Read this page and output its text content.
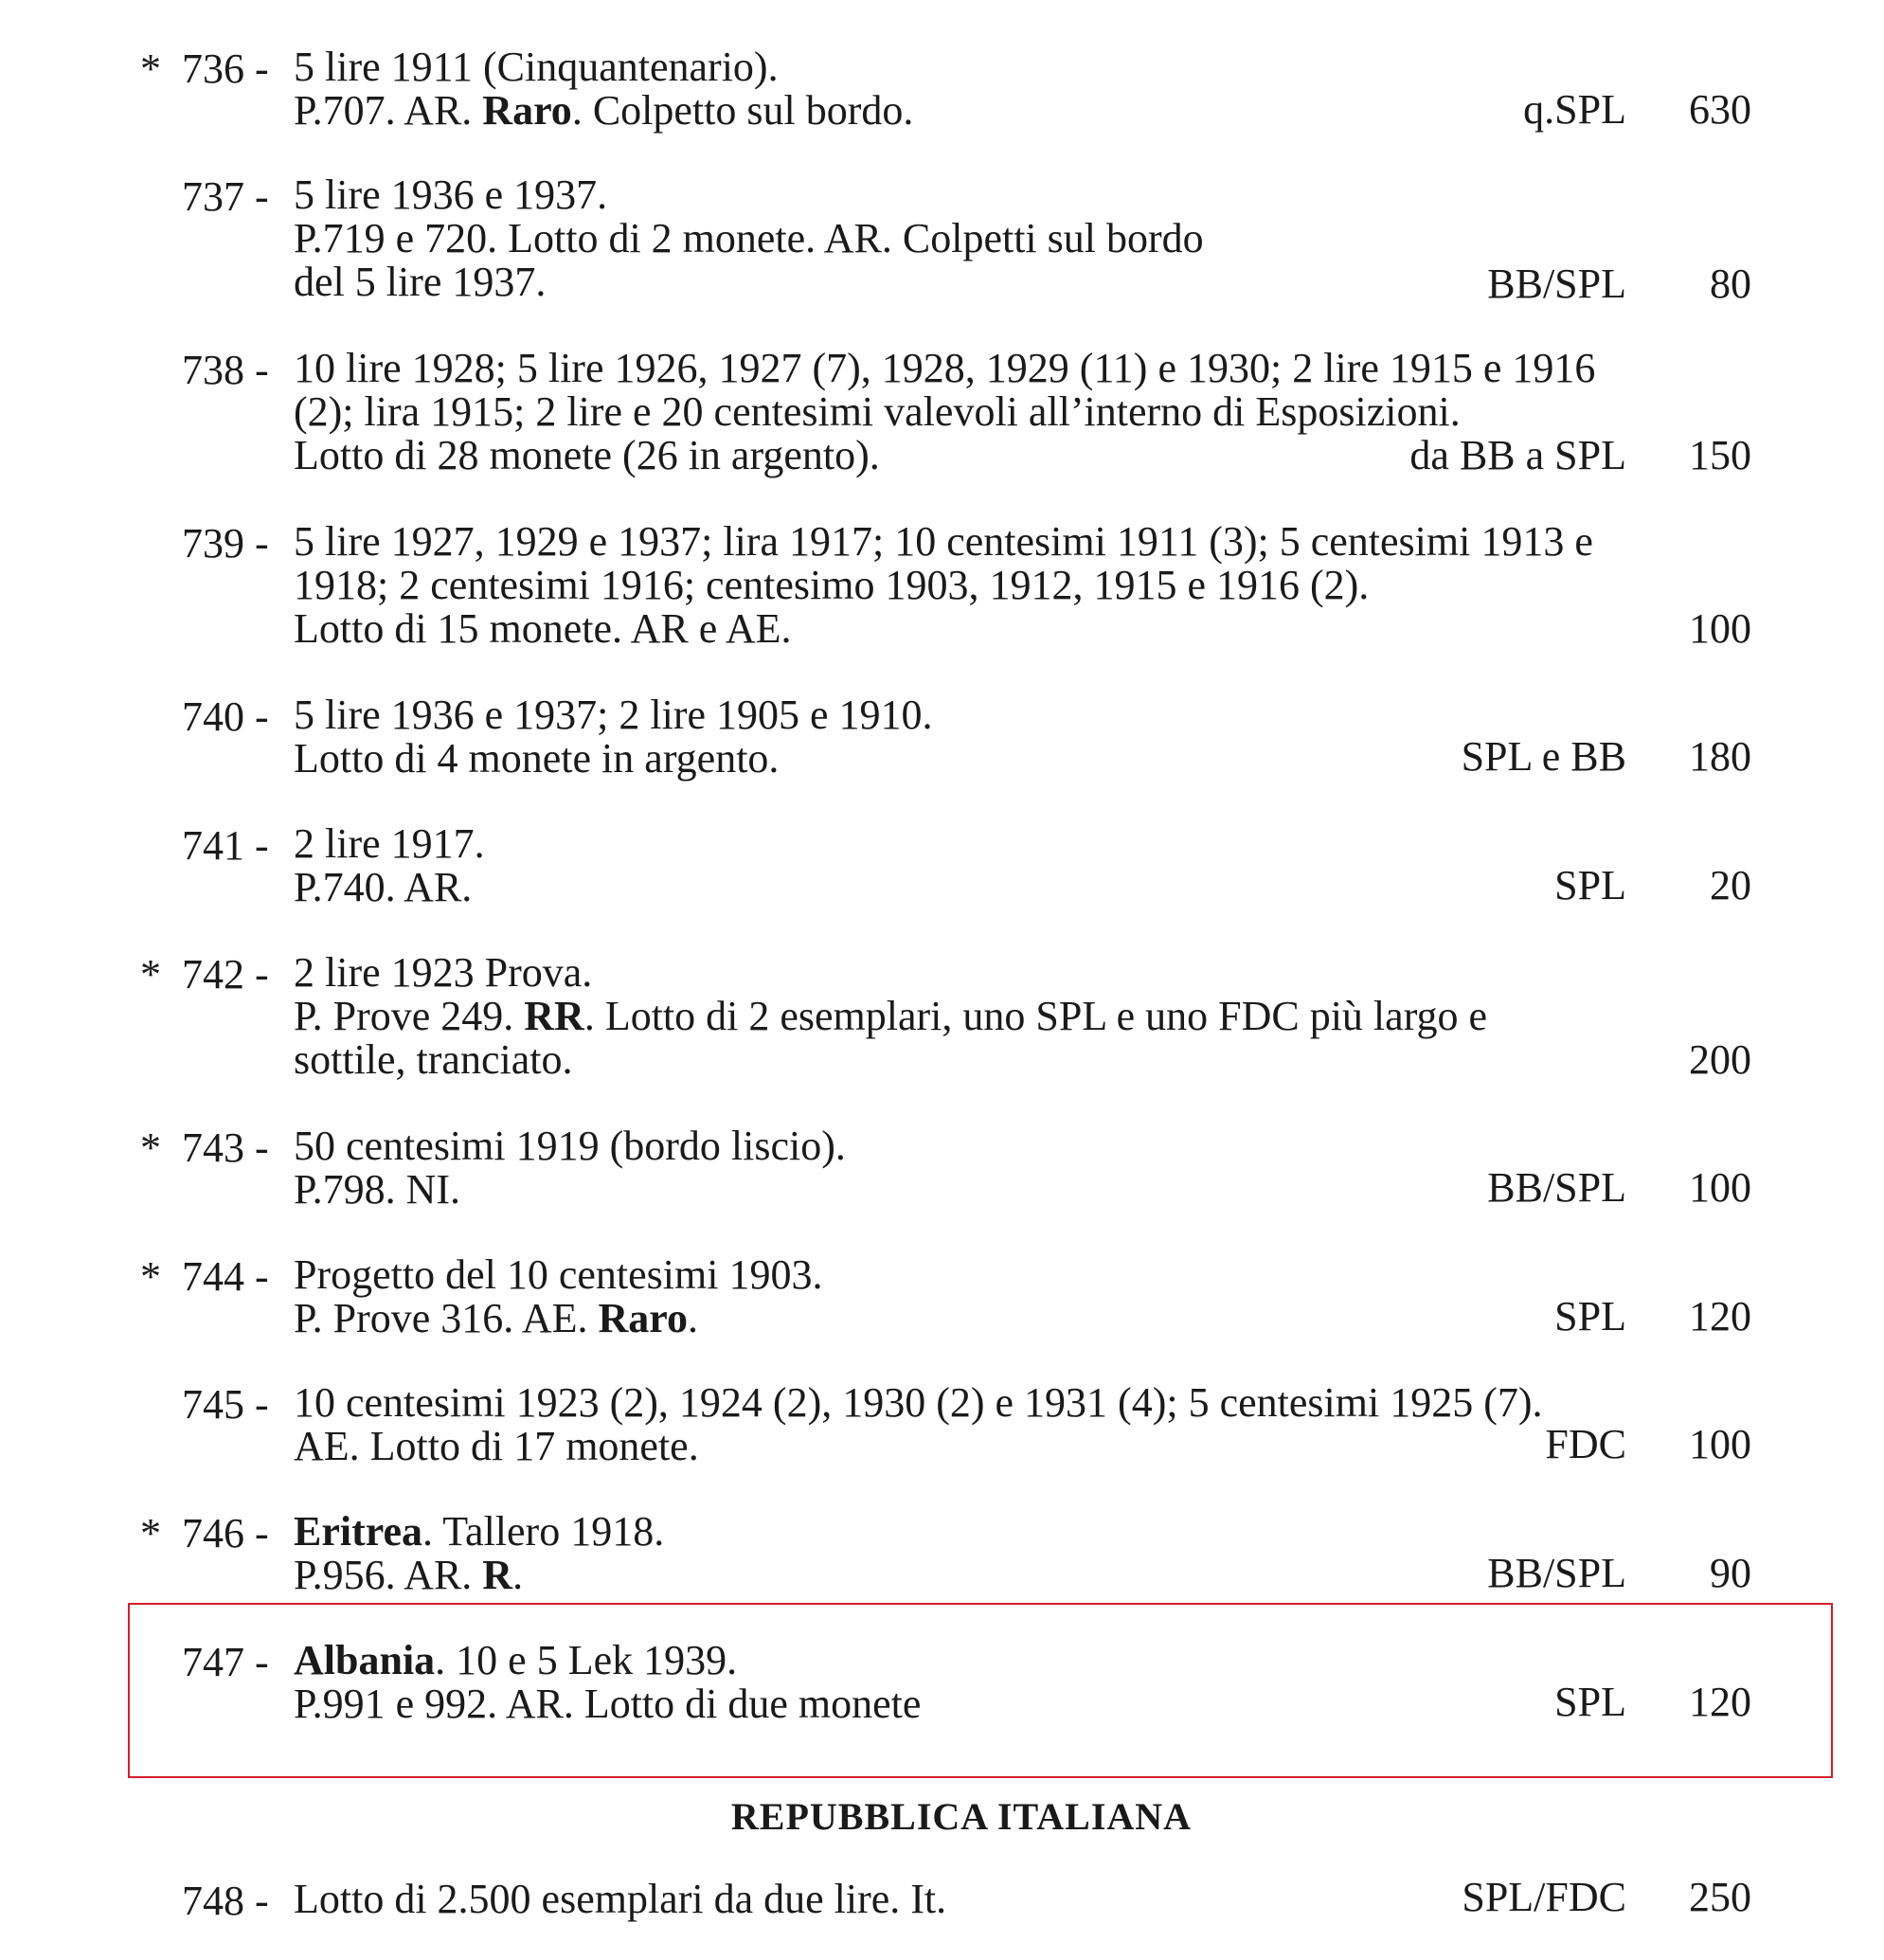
* 736 - 5 lire 1911 (Cinquantenario).
P.707. AR. Raro. Colpetto sul bordo.	q.SPL 630
737 - 5 lire 1936 e 1937.
P.719 e 720. Lotto di 2 monete. AR. Colpetti sul bordo
del 5 lire 1937.	BB/SPL 80
738 - 10 lire 1928; 5 lire 1926, 1927 (7), 1928, 1929 (11) e 1930; 2 lire 1915 e 1916
(2); lira 1915; 2 lire e 20 centesimi valevoli all’interno di Esposizioni.
Lotto di 28 monete (26 in argento).	da BB a SPL 150
739 - 5 lire 1927, 1929 e 1937; lira 1917; 10 centesimi 1911 (3); 5 centesimi 1913 e
1918; 2 centesimi 1916; centesimo 1903, 1912, 1915 e 1916 (2).
Lotto di 15 monete. AR e AE.	100
740 - 5 lire 1936 e 1937; 2 lire 1905 e 1910.
Lotto di 4 monete in argento.	SPL e BB 180
741 - 2 lire 1917.
P.740. AR.	SPL 20
* 742 - 2 lire 1923 Prova.
P. Prove 249. RR. Lotto di 2 esemplari, uno SPL e uno FDC più largo e
sottile, tranciato.	200
* 743 - 50 centesimi 1919 (bordo liscio).
P.798. NI.	BB/SPL 100
* 744 - Progetto del 10 centesimi 1903.
P. Prove 316. AE. Raro.	SPL 120
745 - 10 centesimi 1923 (2), 1924 (2), 1930 (2) e 1931 (4); 5 centesimi 1925 (7).
AE. Lotto di 17 monete.	FDC 100
* 746 - Eritrea. Tallero 1918.
P.956. AR. R.	BB/SPL 90
747 - Albania. 10 e 5 Lek 1939.
P.991 e 992. AR. Lotto di due monete	SPL 120
REPUBBLICA ITALIANA
748 - Lotto di 2.500 esemplari da due lire. It.	SPL/FDC 250
